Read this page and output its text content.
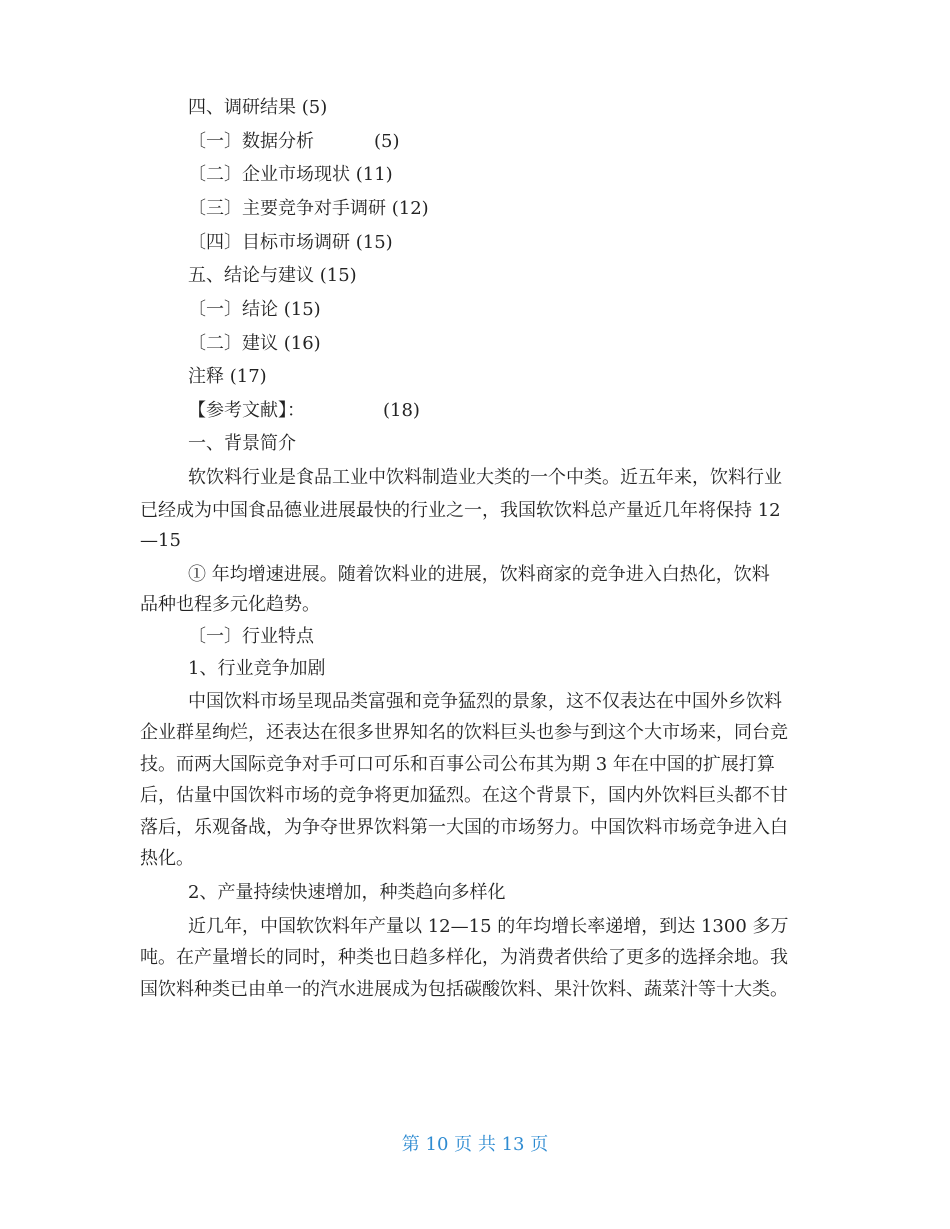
四、调研结果 (5)
〔一〕数据分析	(5)
〔二〕企业市场现状 (11)
〔三〕主要竞争对手调研 (12)
〔四〕目标市场调研 (15)
五、结论与建议 (15)
〔一〕结论 (15)
〔二〕建议 (16)
注释 (17)
【参考文献】：	(18)
一、背景简介
软饮料行业是食品工业中饮料制造业大类的一个中类。近五年来，饮料行业
已经成为中国食品德业进展最快的行业之一，我国软饮料总产量近几年将保持 12
—15
① 年均增速进展。随着饮料业的进展，饮料商家的竞争进入白热化，饮料
品种也程多元化趋势。
〔一〕行业特点
1、行业竞争加剧
中国饮料市场呈现品类富强和竞争猛烈的景象，这不仅表达在中国外乡饮料
企业群星绚烂，还表达在很多世界知名的饮料巨头也参与到这个大市场来，同台竞
技。而两大国际竞争对手可口可乐和百事公司公布其为期 3 年在中国的扩展打算
后，估量中国饮料市场的竞争将更加猛烈。在这个背景下，国内外饮料巨头都不甘
落后，乐观备战，为争夺世界饮料第一大国的市场努力。中国饮料市场竞争进入白
热化。
2、产量持续快速增加，种类趋向多样化
近几年，中国软饮料年产量以 12—15 的年均增长率递增，到达 1300 多万
吨。在产量增长的同时，种类也日趋多样化，为消费者供给了更多的选择余地。我
国饮料种类已由单一的汽水进展成为包括碳酸饮料、果汁饮料、蔬菜汁等十大类。
第 10 页 共 13 页
